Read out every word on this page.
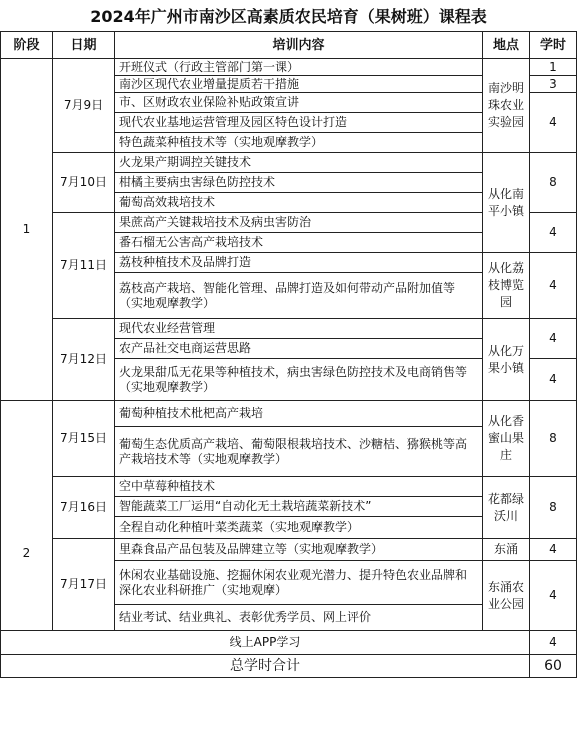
2024年广州市南沙区高素质农民培育（果树班）课程表
阶段	日期	培训内容	地点	学时
1	7月9日	开班仪式（行政主管部门第一课）	南沙明珠农业实验园	1
		南沙区现代农业增量提质若干措施		3
		市、区财政农业保险补贴政策宣讲		4
		现代农业基地运营管理及园区特色设计打造		
		特色蔬菜种植技术等（实地观摩教学）		
	7月10日	火龙果产期调控关键技术	从化南平小镇	8
		柑橘主要病虫害绿色防控技术		
		葡萄高效栽培技术		
	7月11日	果蔗高产关键栽培技术及病虫害防治		4
		番石榴无公害高产栽培技术		
		荔枝种植技术及品牌打造	从化荔枝博览园	4
		荔枝高产栽培、智能化管理、品牌打造及如何带动产品附加值等（实地观摩教学）		
	7月12日	现代农业经营管理	从化万果小镇	4
		农产品社交电商运营思路		
		火龙果甜瓜无花果等种植技术，病虫害绿色防控技术及电商销售等（实地观摩教学）		4
	7月15日	葡萄种植技术枇杷高产栽培	从化香蜜山果庄	8
		葡萄生态优质高产栽培、葡萄限根栽培技术、沙糖桔、猕猴桃等高产栽培技术等（实地观摩教学）		
2	7月16日	空中草莓种植技术	花都绿沃川	8
		智能蔬菜工厂运用“自动化无土栽培蔬菜新技术”		
		全程自动化种植叶菜类蔬菜（实地观摩教学）		
	7月17日	里森食品产品包装及品牌建立等（实地观摩教学）	东涌	4
		休闲农业基础设施、挖掘休闲农业观光潜力、提升特色农业品牌和深化农业科研推广（实地观摩）	东涌农业公园	4
		结业考试、结业典礼、表彰优秀学员、网上评价		
线上APP学习				4
总学时合计				60
